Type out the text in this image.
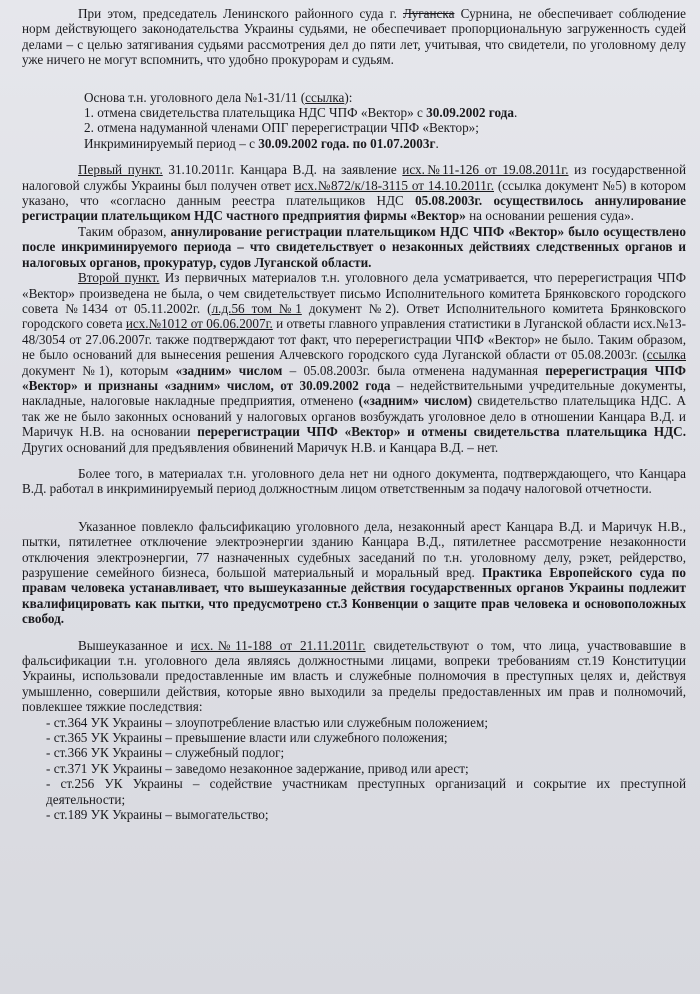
При этом, председатель Ленинского районного суда г. Луганска Сурнина, не обеспечивает соблюдение норм действующего законодательства Украины судьями, не обеспечивает пропорциональную загруженность судей делами – с целью затягивания судьями рассмотрения дел до пяти лет, учитывая, что свидетели, по уголовному делу уже ничего не могут вспомнить, что удобно прокурорам и судьям.

Основа т.н. уголовного дела №1-31/11 (ссылка):
1. отмена свидетельства плательщика НДС ЧПФ «Вектор» с 30.09.2002 года.
2. отмена надуманной членами ОПГ перерегистрации ЧПФ «Вектор»;
Инкриминируемый период – с 30.09.2002 года. по 01.07.2003г.

Первый пункт. 31.10.2011г. Канцара В.Д. на заявление исх.№11-126 от 19.08.2011г. из государственной налоговой службы Украины был получен ответ исх.№872/к/18-3115 от 14.10.2011г. (ссылка документ №5) в котором указано, что «согласно данным реестра плательщиков НДС 05.08.2003г. осуществилось аннулирование регистрации плательщиком НДС частного предприятия фирмы «Вектор» на основании решения суда».

Таким образом, аннулирование регистрации плательщиком НДС ЧПФ «Вектор» было осуществлено после инкриминируемого периода – что свидетельствует о незаконных действиях следственных органов и налоговых органов, прокуратур, судов Луганской области.

Второй пункт. Из первичных материалов т.н. уголовного дела усматривается, что перерегистрация ЧПФ «Вектор» произведена не была, о чем свидетельствует письмо Исполнительного комитета Брянковского городского совета №1434 от 05.11.2002г. (л.д.56 том №1 документ №2). Ответ Исполнительного комитета Брянковского городского совета исх.№1012 от 06.06.2007г. и ответы главного управления статистики в Луганской области исх.№13-48/3054 от 27.06.2007г. также подтверждают тот факт, что перерегистрации ЧПФ «Вектор» не было. Таким образом, не было оснований для вынесения решения Алчевского городского суда Луганской области от 05.08.2003г. (ссылка документ №1), которым «задним» числом – 05.08.2003г. была отменена надуманная перерегистрация ЧПФ «Вектор» и признаны «задним» числом, от 30.09.2002 года – недействительными учредительные документы, накладные, налоговые накладные предприятия, отменено («задним» числом) свидетельство плательщика НДС. А так же не было законных оснований у налоговых органов возбуждать уголовное дело в отношении Канцара В.Д. и Маричук Н.В. на основании перерегистрации ЧПФ «Вектор» и отмены свидетельства плательщика НДС. Других оснований для предъявления обвинений Маричук Н.В. и Канцара В.Д. – нет.

Более того, в материалах т.н. уголовного дела нет ни одного документа, подтверждающего, что Канцара В.Д. работал в инкриминируемый период должностным лицом ответственным за подачу налоговой отчетности.

Указанное повлекло фальсификацию уголовного дела, незаконный арест Канцара В.Д. и Маричук Н.В., пытки, пятилетнее отключение электроэнергии зданию Канцара В.Д., пятилетнее рассмотрение незаконности отключения электроэнергии, 77 назначенных судебных заседаний по т.н. уголовному делу, рэкет, рейдерство, разрушение семейного бизнеса, большой материальный и моральный вред. Практика Европейского суда по правам человека устанавливает, что вышеуказанные действия государственных органов Украины подлежит квалифицировать как пытки, что предусмотрено ст.3 Конвенции о защите прав человека и основоположных свобод.

Вышеуказанное и исх.№11-188 от 21.11.2011г. свидетельствуют о том, что лица, участвовавшие в фальсификации т.н. уголовного дела являясь должностными лицами, вопреки требованиям ст.19 Конституции Украины, использовали предоставленные им власть и служебные полномочия в преступных целях и, действуя умышленно, совершили действия, которые явно выходили за пределы предоставленных им прав и полномочий, повлекшее тяжкие последствия:

- ст.364 УК Украины – злоупотребление властью или служебным положением;
- ст.365 УК Украины – превышение власти или служебного положения;
- ст.366 УК Украины – служебный подлог;
- ст.371 УК Украины – заведомо незаконное задержание, привод или арест;
- ст.256 УК Украины – содействие участникам преступных организаций и сокрытие их преступной деятельности;
- ст.189 УК Украины – вымогательство;
